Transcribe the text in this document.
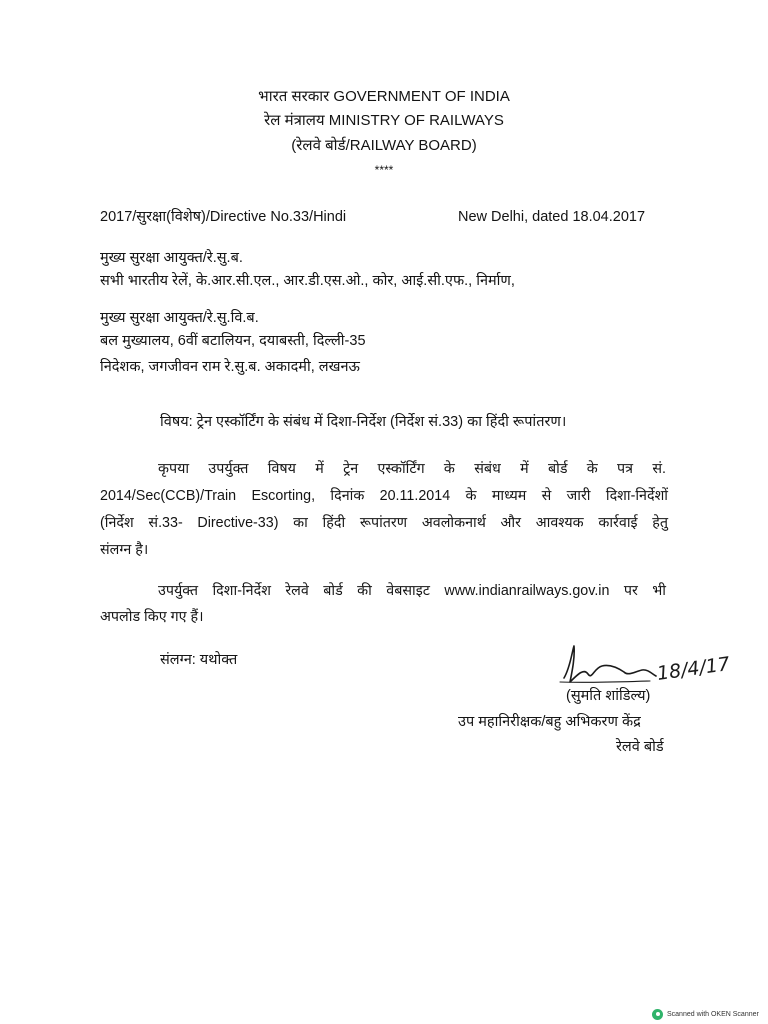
भारत सरकार GOVERNMENT OF INDIA
रेल मंत्रालय MINISTRY OF RAILWAYS
(रेलवे बोर्ड/RAILWAY BOARD)
****
2017/सुरक्षा(विशेष)/Directive No.33/Hindi	New Delhi, dated 18.04.2017
मुख्य सुरक्षा आयुक्त/रे.सु.ब.
सभी भारतीय रेलें, के.आर.सी.एल., आर.डी.एस.ओ., कोर, आई.सी.एफ., निर्माण,
मुख्य सुरक्षा आयुक्त/रे.सु.वि.ब.
बल मुख्यालय, 6वीं बटालियन, दयाबस्ती, दिल्ली-35
निदेशक, जगजीवन राम रे.सु.ब. अकादमी, लखनऊ
विषय: ट्रेन एस्कॉर्टिंग के संबंध में दिशा-निर्देश (निर्देश सं.33) का हिंदी रूपांतरण।
कृपया उपर्युक्त विषय में ट्रेन एस्कॉर्टिंग के संबंध में बोर्ड के पत्र सं.
2014/Sec(CCB)/Train Escorting, दिनांक 20.11.2014 के माध्यम से जारी दिशा-निर्देशों
(निर्देश सं.33- Directive-33) का हिंदी रूपांतरण अवलोकनार्थ और आवश्यक कार्रवाई हेतु
संलग्न है।
उपर्युक्त दिशा-निर्देश रेलवे बोर्ड की वेबसाइट www.indianrailways.gov.in पर भी
अपलोड किए गए हैं।
संलग्न: यथोक्त	18/4/17
(सुमति शांडिल्य)
उप महानिरीक्षक/बहु अभिकरण केंद्र
रेलवे बोर्ड
Scanned with OKEN Scanner
